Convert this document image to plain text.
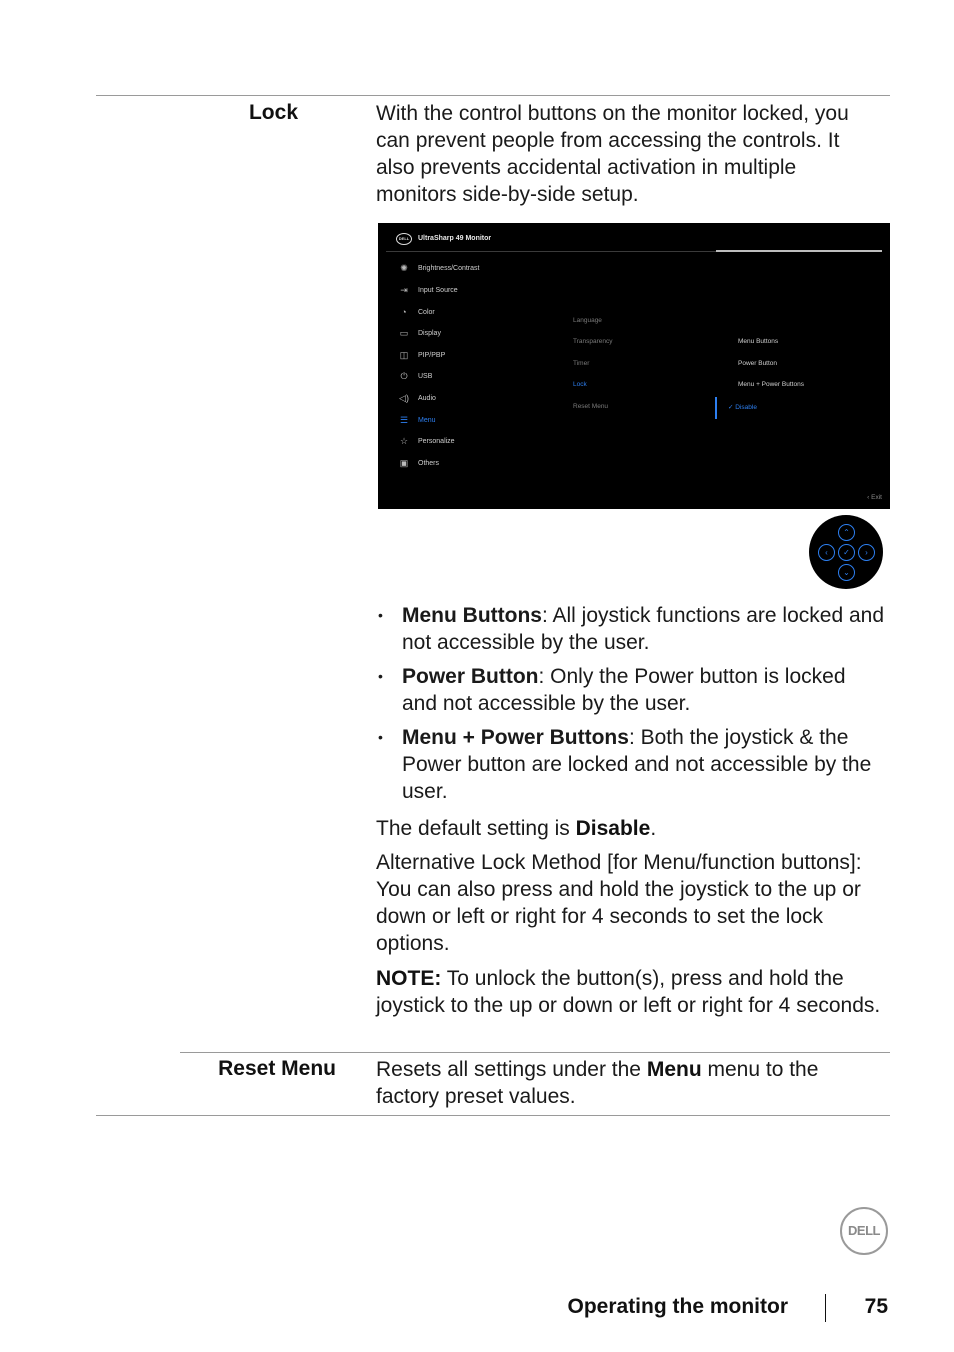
Lock	With the control buttons on the monitor locked, you can prevent people from accessing the controls. It also prevents accidental activation in multiple monitors side-by-side setup.

DELL	UltraSharp 49 Monitor
✺	Brightness/Contrast
⇥	Input Source
◔	Color
▭ Display
◫ PIP/PBP
⏻	USB
◁) Audio
☰ Menu
☆ Personalize
▣ Others
Language
Transparency
Timer
Lock
Reset Menu
Menu Buttons
Power Button
Menu + Power Buttons
✓ Disable
‹ Exit
⌃
‹	✓	›
⌄
• Menu Buttons: All joystick functions are locked and not accessible by the user.
• Power Button: Only the Power button is locked and not accessible by the user.
• Menu + Power Buttons: Both the joystick & the Power button are locked and not accessible by the user.

The default setting is Disable.

Alternative Lock Method [for Menu/function buttons]: You can also press and hold the joystick to the up or down or left or right for 4 seconds to set the lock options.

NOTE: To unlock the button(s), press and hold the joystick to the up or down or left or right for 4 seconds.

Reset Menu Resets all settings under the Menu menu to the factory preset values.

DELL
Operating the monitor	75
